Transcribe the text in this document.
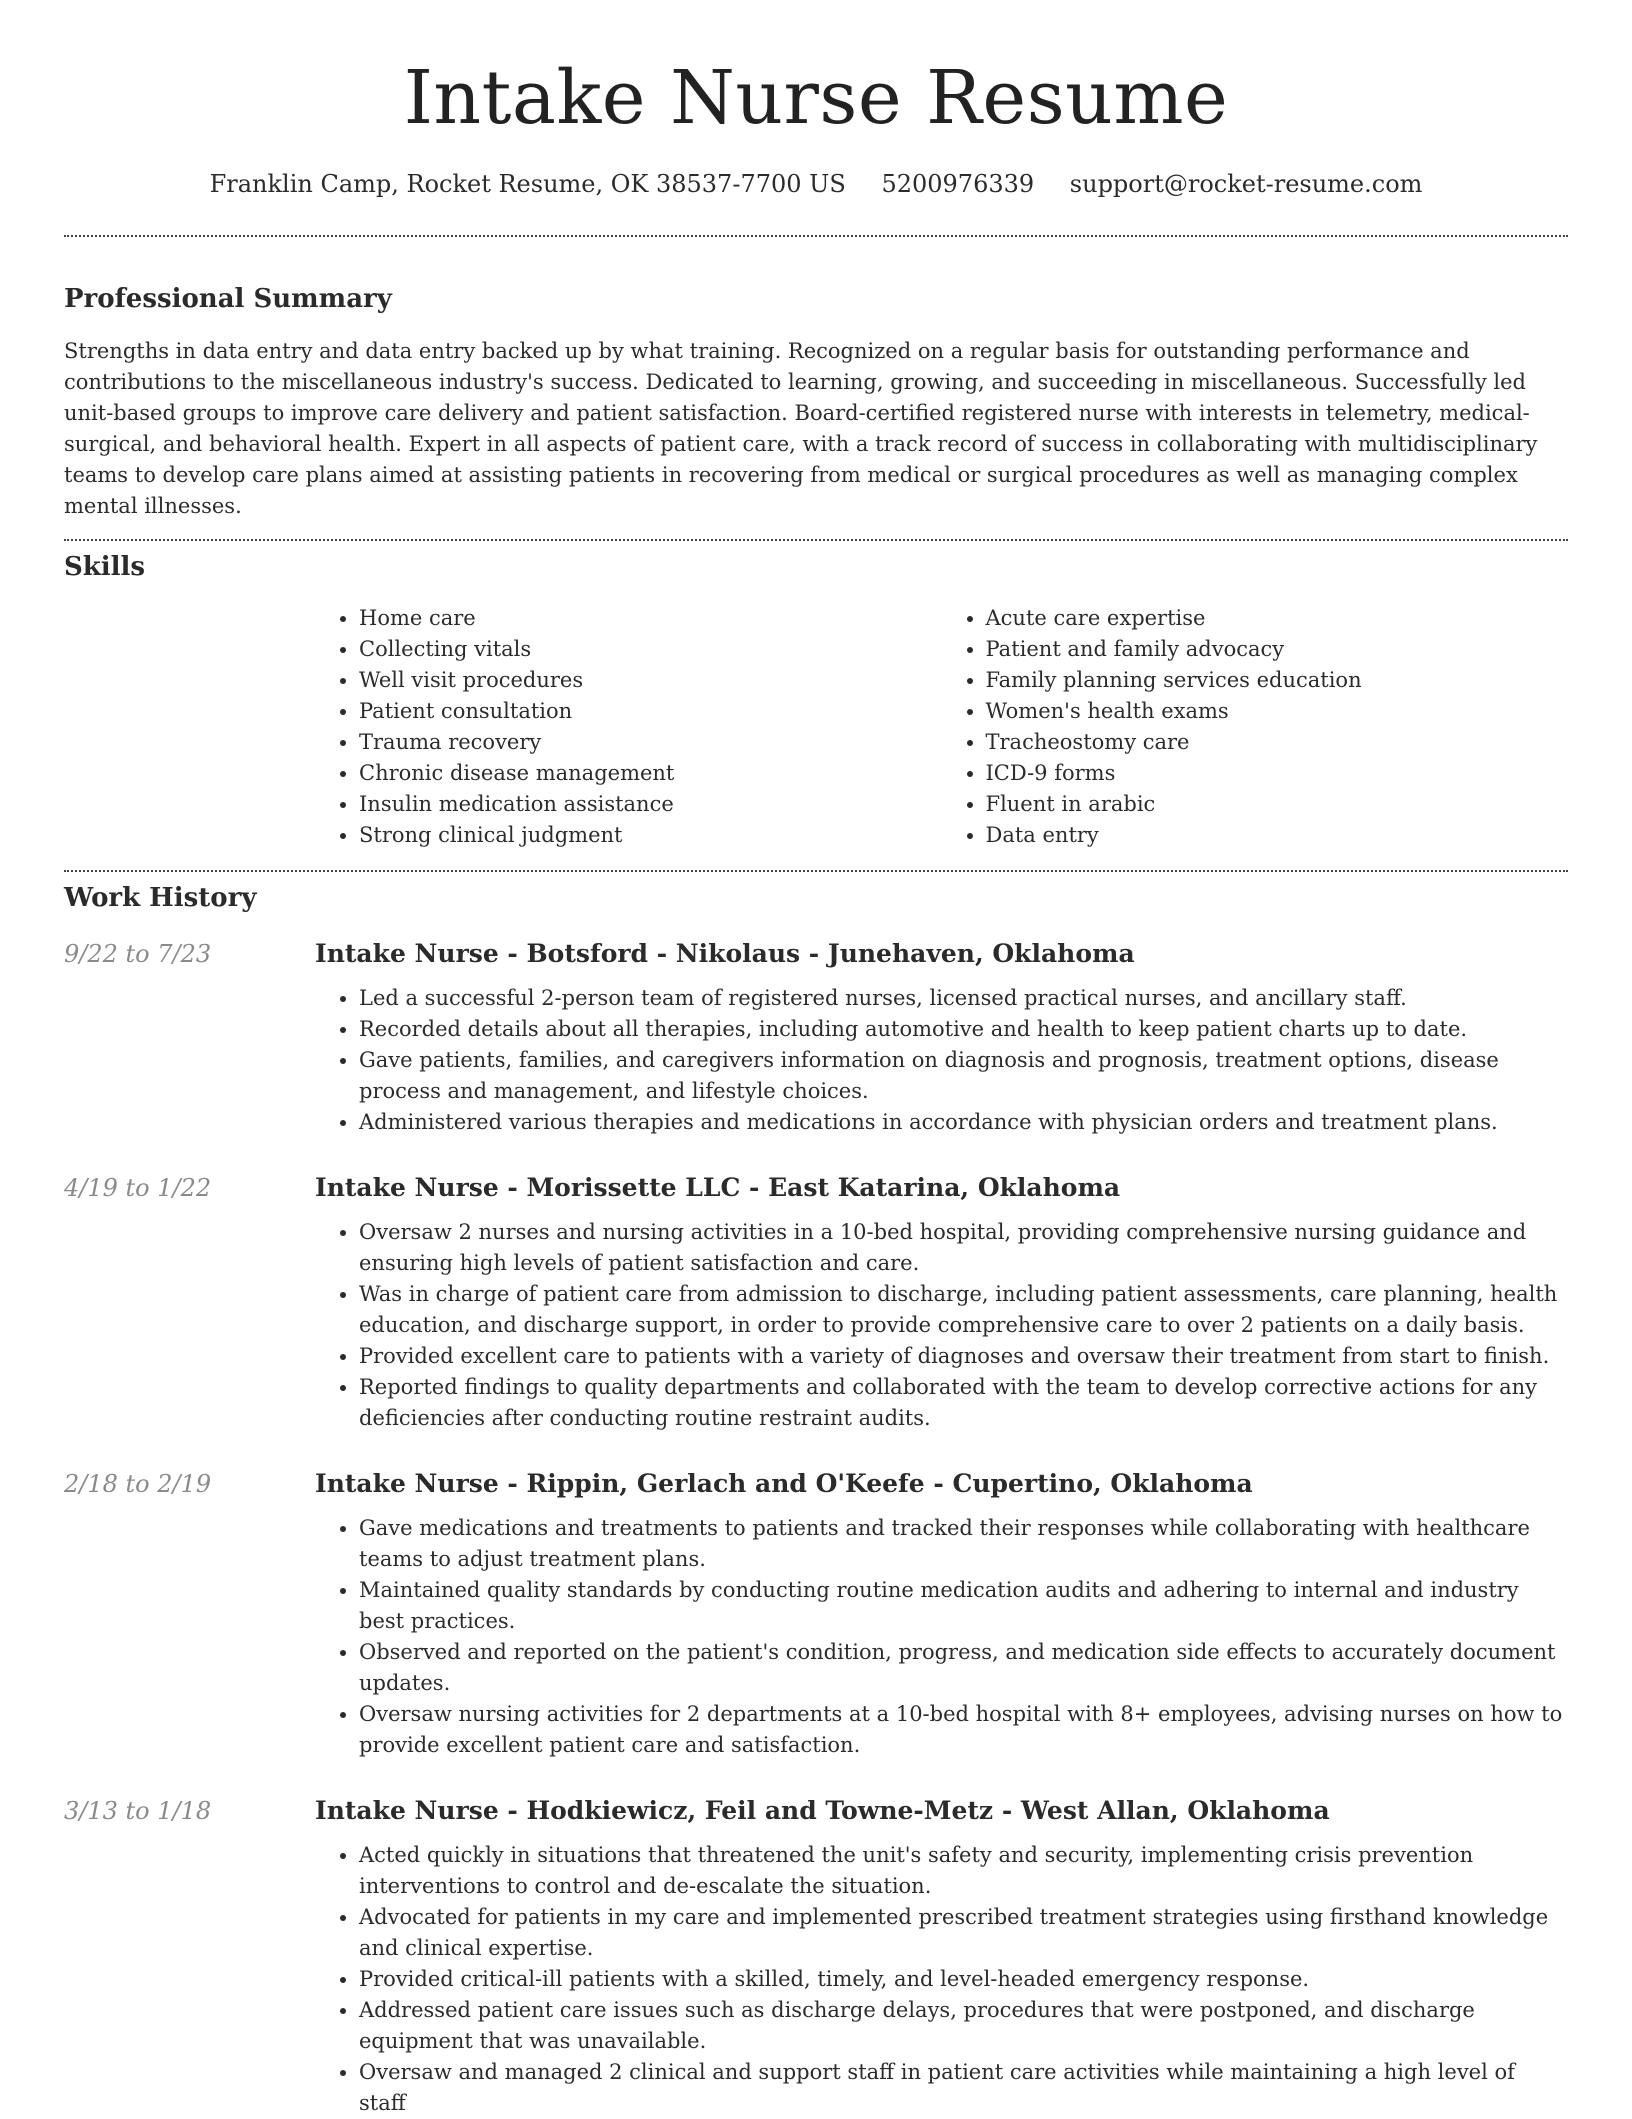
Intake Nurse Resume
Franklin Camp, Rocket Resume, OK 38537-7700 US 5200976339 support@rocket-resume.com
Professional Summary

Strengths in data entry and data entry backed up by what training. Recognized on a regular basis for outstanding performance and contributions to the miscellaneous industry's success. Dedicated to learning, growing, and succeeding in miscellaneous. Successfully led unit-based groups to improve care delivery and patient satisfaction. Board-certified registered nurse with interests in telemetry, medical-surgical, and behavioral health. Expert in all aspects of patient care, with a track record of success in collaborating with multidisciplinary teams to develop care plans aimed at assisting patients in recovering from medical or surgical procedures as well as managing complex mental illnesses.

Skills
• Home care
• Collecting vitals
• Well visit procedures
• Patient consultation
• Trauma recovery
• Chronic disease management
• Insulin medication assistance
• Strong clinical judgment
• Acute care expertise
• Patient and family advocacy
• Family planning services education
• Women's health exams
• Tracheostomy care
• ICD-9 forms
• Fluent in arabic
• Data entry
Work History
9/22 to 7/23	Intake Nurse - Botsford - Nikolaus - Junehaven, Oklahoma
• Led a successful 2-person team of registered nurses, licensed practical nurses, and ancillary staff.
• Recorded details about all therapies, including automotive and health to keep patient charts up to date.
• Gave patients, families, and caregivers information on diagnosis and prognosis, treatment options, disease process and management, and lifestyle choices.
• Administered various therapies and medications in accordance with physician orders and treatment plans.
4/19 to 1/22	Intake Nurse - Morissette LLC - East Katarina, Oklahoma
• Oversaw 2 nurses and nursing activities in a 10-bed hospital, providing comprehensive nursing guidance and ensuring high levels of patient satisfaction and care.
• Was in charge of patient care from admission to discharge, including patient assessments, care planning, health education, and discharge support, in order to provide comprehensive care to over 2 patients on a daily basis.
• Provided excellent care to patients with a variety of diagnoses and oversaw their treatment from start to finish.
• Reported findings to quality departments and collaborated with the team to develop corrective actions for any deficiencies after conducting routine restraint audits.
2/18 to 2/19	Intake Nurse - Rippin, Gerlach and O'Keefe - Cupertino, Oklahoma
• Gave medications and treatments to patients and tracked their responses while collaborating with healthcare teams to adjust treatment plans.
• Maintained quality standards by conducting routine medication audits and adhering to internal and industry best practices.
• Observed and reported on the patient's condition, progress, and medication side effects to accurately document updates.
• Oversaw nursing activities for 2 departments at a 10-bed hospital with 8+ employees, advising nurses on how to provide excellent patient care and satisfaction.
3/13 to 1/18	Intake Nurse - Hodkiewicz, Feil and Towne-Metz - West Allan, Oklahoma
• Acted quickly in situations that threatened the unit's safety and security, implementing crisis prevention interventions to control and de-escalate the situation.
• Advocated for patients in my care and implemented prescribed treatment strategies using firsthand knowledge and clinical expertise.
• Provided critical-ill patients with a skilled, timely, and level-headed emergency response.
• Addressed patient care issues such as discharge delays, procedures that were postponed, and discharge equipment that was unavailable.
• Oversaw and managed 2 clinical and support staff in patient care activities while maintaining a high level of staff
